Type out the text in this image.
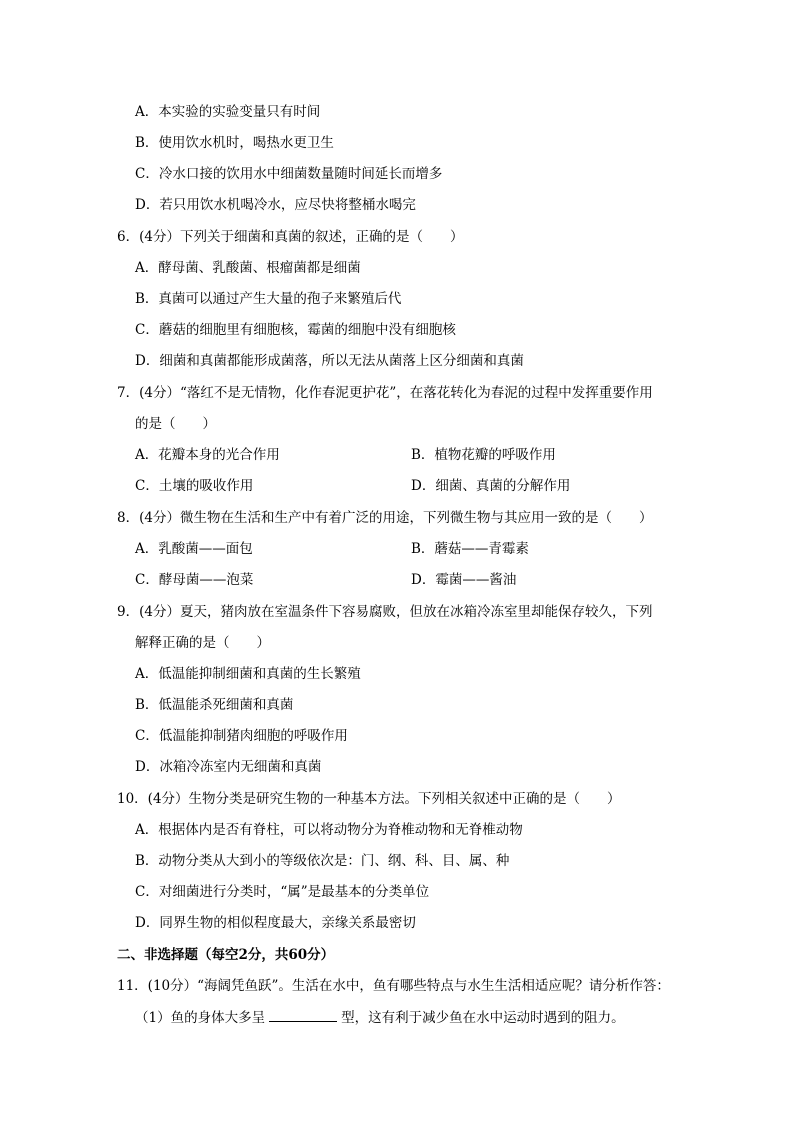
A．本实验的实验变量只有时间
B．使用饮水机时，喝热水更卫生
C．冷水口接的饮用水中细菌数量随时间延长而增多
D．若只用饮水机喝冷水，应尽快将整桶水喝完
6．(4分）下列关于细菌和真菌的叙述，正确的是（　　）
A．酵母菌、乳酸菌、根瘤菌都是细菌
B．真菌可以通过产生大量的孢子来繁殖后代
C．蘑菇的细胞里有细胞核，霉菌的细胞中没有细胞核
D．细菌和真菌都能形成菌落，所以无法从菌落上区分细菌和真菌
7．(4分）“落红不是无情物，化作春泥更护花”，在落花转化为春泥的过程中发挥重要作用
的是（　　）
A．花瓣本身的光合作用	B．植物花瓣的呼吸作用
C．土壤的吸收作用	D．细菌、真菌的分解作用
8．(4分）微生物在生活和生产中有着广泛的用途，下列微生物与其应用一致的是（　　）
A．乳酸菌——面包	B．蘑菇——青霉素
C．酵母菌——泡菜	D．霉菌——酱油
9．(4分）夏天，猪肉放在室温条件下容易腐败，但放在冰箱冷冻室里却能保存较久，下列
解释正确的是（　　）
A．低温能抑制细菌和真菌的生长繁殖
B．低温能杀死细菌和真菌
C．低温能抑制猪肉细胞的呼吸作用
D．冰箱冷冻室内无细菌和真菌
10．(4分）生物分类是研究生物的一种基本方法。下列相关叙述中正确的是（　　）
A．根据体内是否有脊柱，可以将动物分为脊椎动物和无脊椎动物
B．动物分类从大到小的等级依次是：门、纲、科、目、属、种
C．对细菌进行分类时，“属”是最基本的分类单位
D．同界生物的相似程度最大，亲缘关系最密切
二、非选择题（每空2分，共60分）
11．(10分）“海阔凭鱼跃”。生活在水中，鱼有哪些特点与水生生活相适应呢？请分析作答：
（1）鱼的身体大多呈	型，这有利于减少鱼在水中运动时遇到的阻力。
